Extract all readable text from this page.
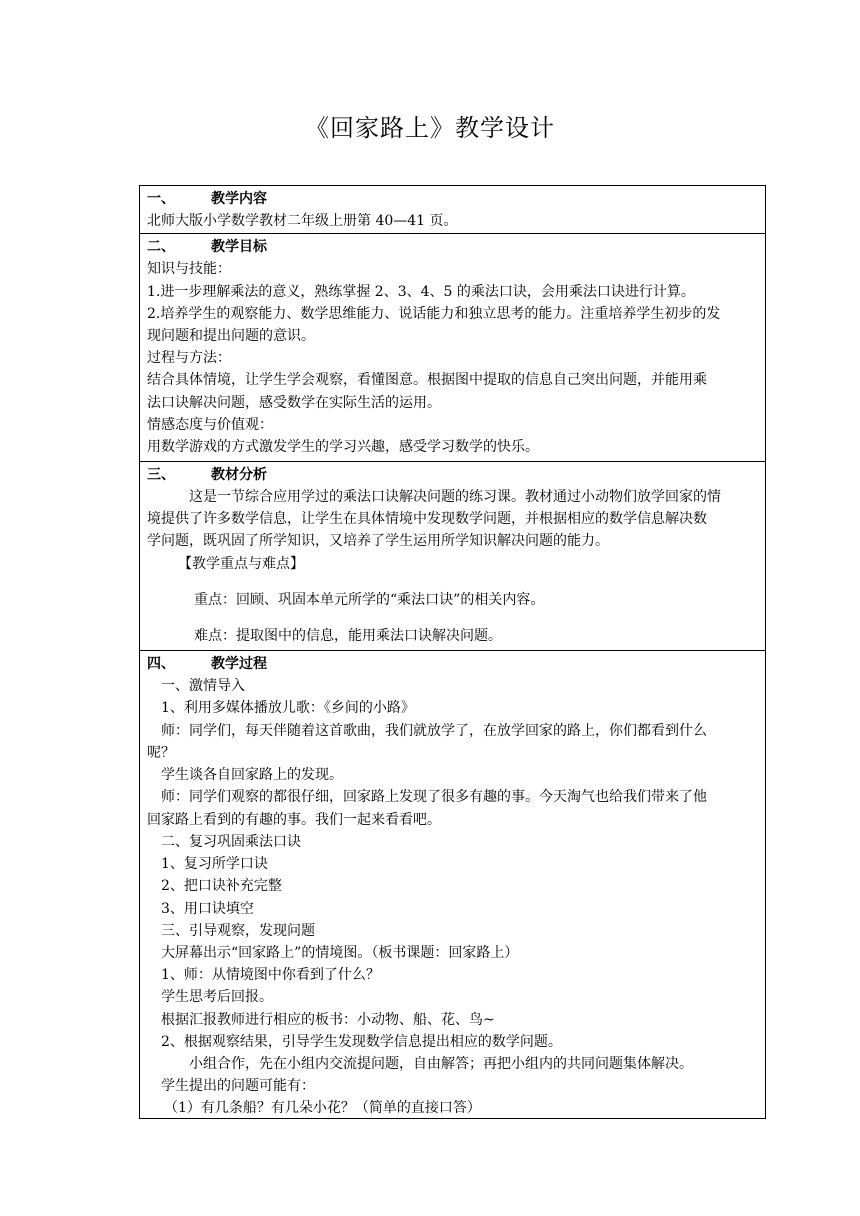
《回家路上》教学设计
一、	教学内容
北师大版小学数学教材二年级上册第 40—41 页。
二、	教学目标
知识与技能：
1.进一步理解乘法的意义，熟练掌握 2、3、4、5 的乘法口诀，会用乘法口诀进行计算。
2.培养学生的观察能力、数学思维能力、说话能力和独立思考的能力。注重培养学生初步的发
现问题和提出问题的意识。
过程与方法：
结合具体情境，让学生学会观察，看懂图意。根据图中提取的信息自己突出问题，并能用乘
法口诀解决问题，感受数学在实际生活的运用。
情感态度与价值观：
用数学游戏的方式激发学生的学习兴趣，感受学习数学的快乐。
三、	教材分析
这是一节综合应用学过的乘法口诀解决问题的练习课。教材通过小动物们放学回家的情
境提供了许多数学信息，让学生在具体情境中发现数学问题，并根据相应的数学信息解决数
学问题，既巩固了所学知识，又培养了学生运用所学知识解决问题的能力。
【教学重点与难点】
重点：回顾、巩固本单元所学的“乘法口诀”的相关内容。
难点：提取图中的信息，能用乘法口诀解决问题。
四、	教学过程
一、激情导入
1、利用多媒体播放儿歌：《乡间的小路》
师：同学们，每天伴随着这首歌曲，我们就放学了，在放学回家的路上，你们都看到什么
呢？
学生谈各自回家路上的发现。
师：同学们观察的都很仔细，回家路上发现了很多有趣的事。今天淘气也给我们带来了他
回家路上看到的有趣的事。我们一起来看看吧。
二、复习巩固乘法口诀
1、复习所学口诀
2、把口诀补充完整
3、用口诀填空
三、引导观察，发现问题
大屏幕出示“回家路上”的情境图。（板书课题：回家路上）
1、师：从情境图中你看到了什么？
学生思考后回报。
根据汇报教师进行相应的板书：小动物、船、花、鸟~
2、根据观察结果，引导学生发现数学信息提出相应的数学问题。
小组合作，先在小组内交流提问题，自由解答；再把小组内的共同问题集体解决。
学生提出的问题可能有：
（1）有几条船？有几朵小花？（简单的直接口答）
